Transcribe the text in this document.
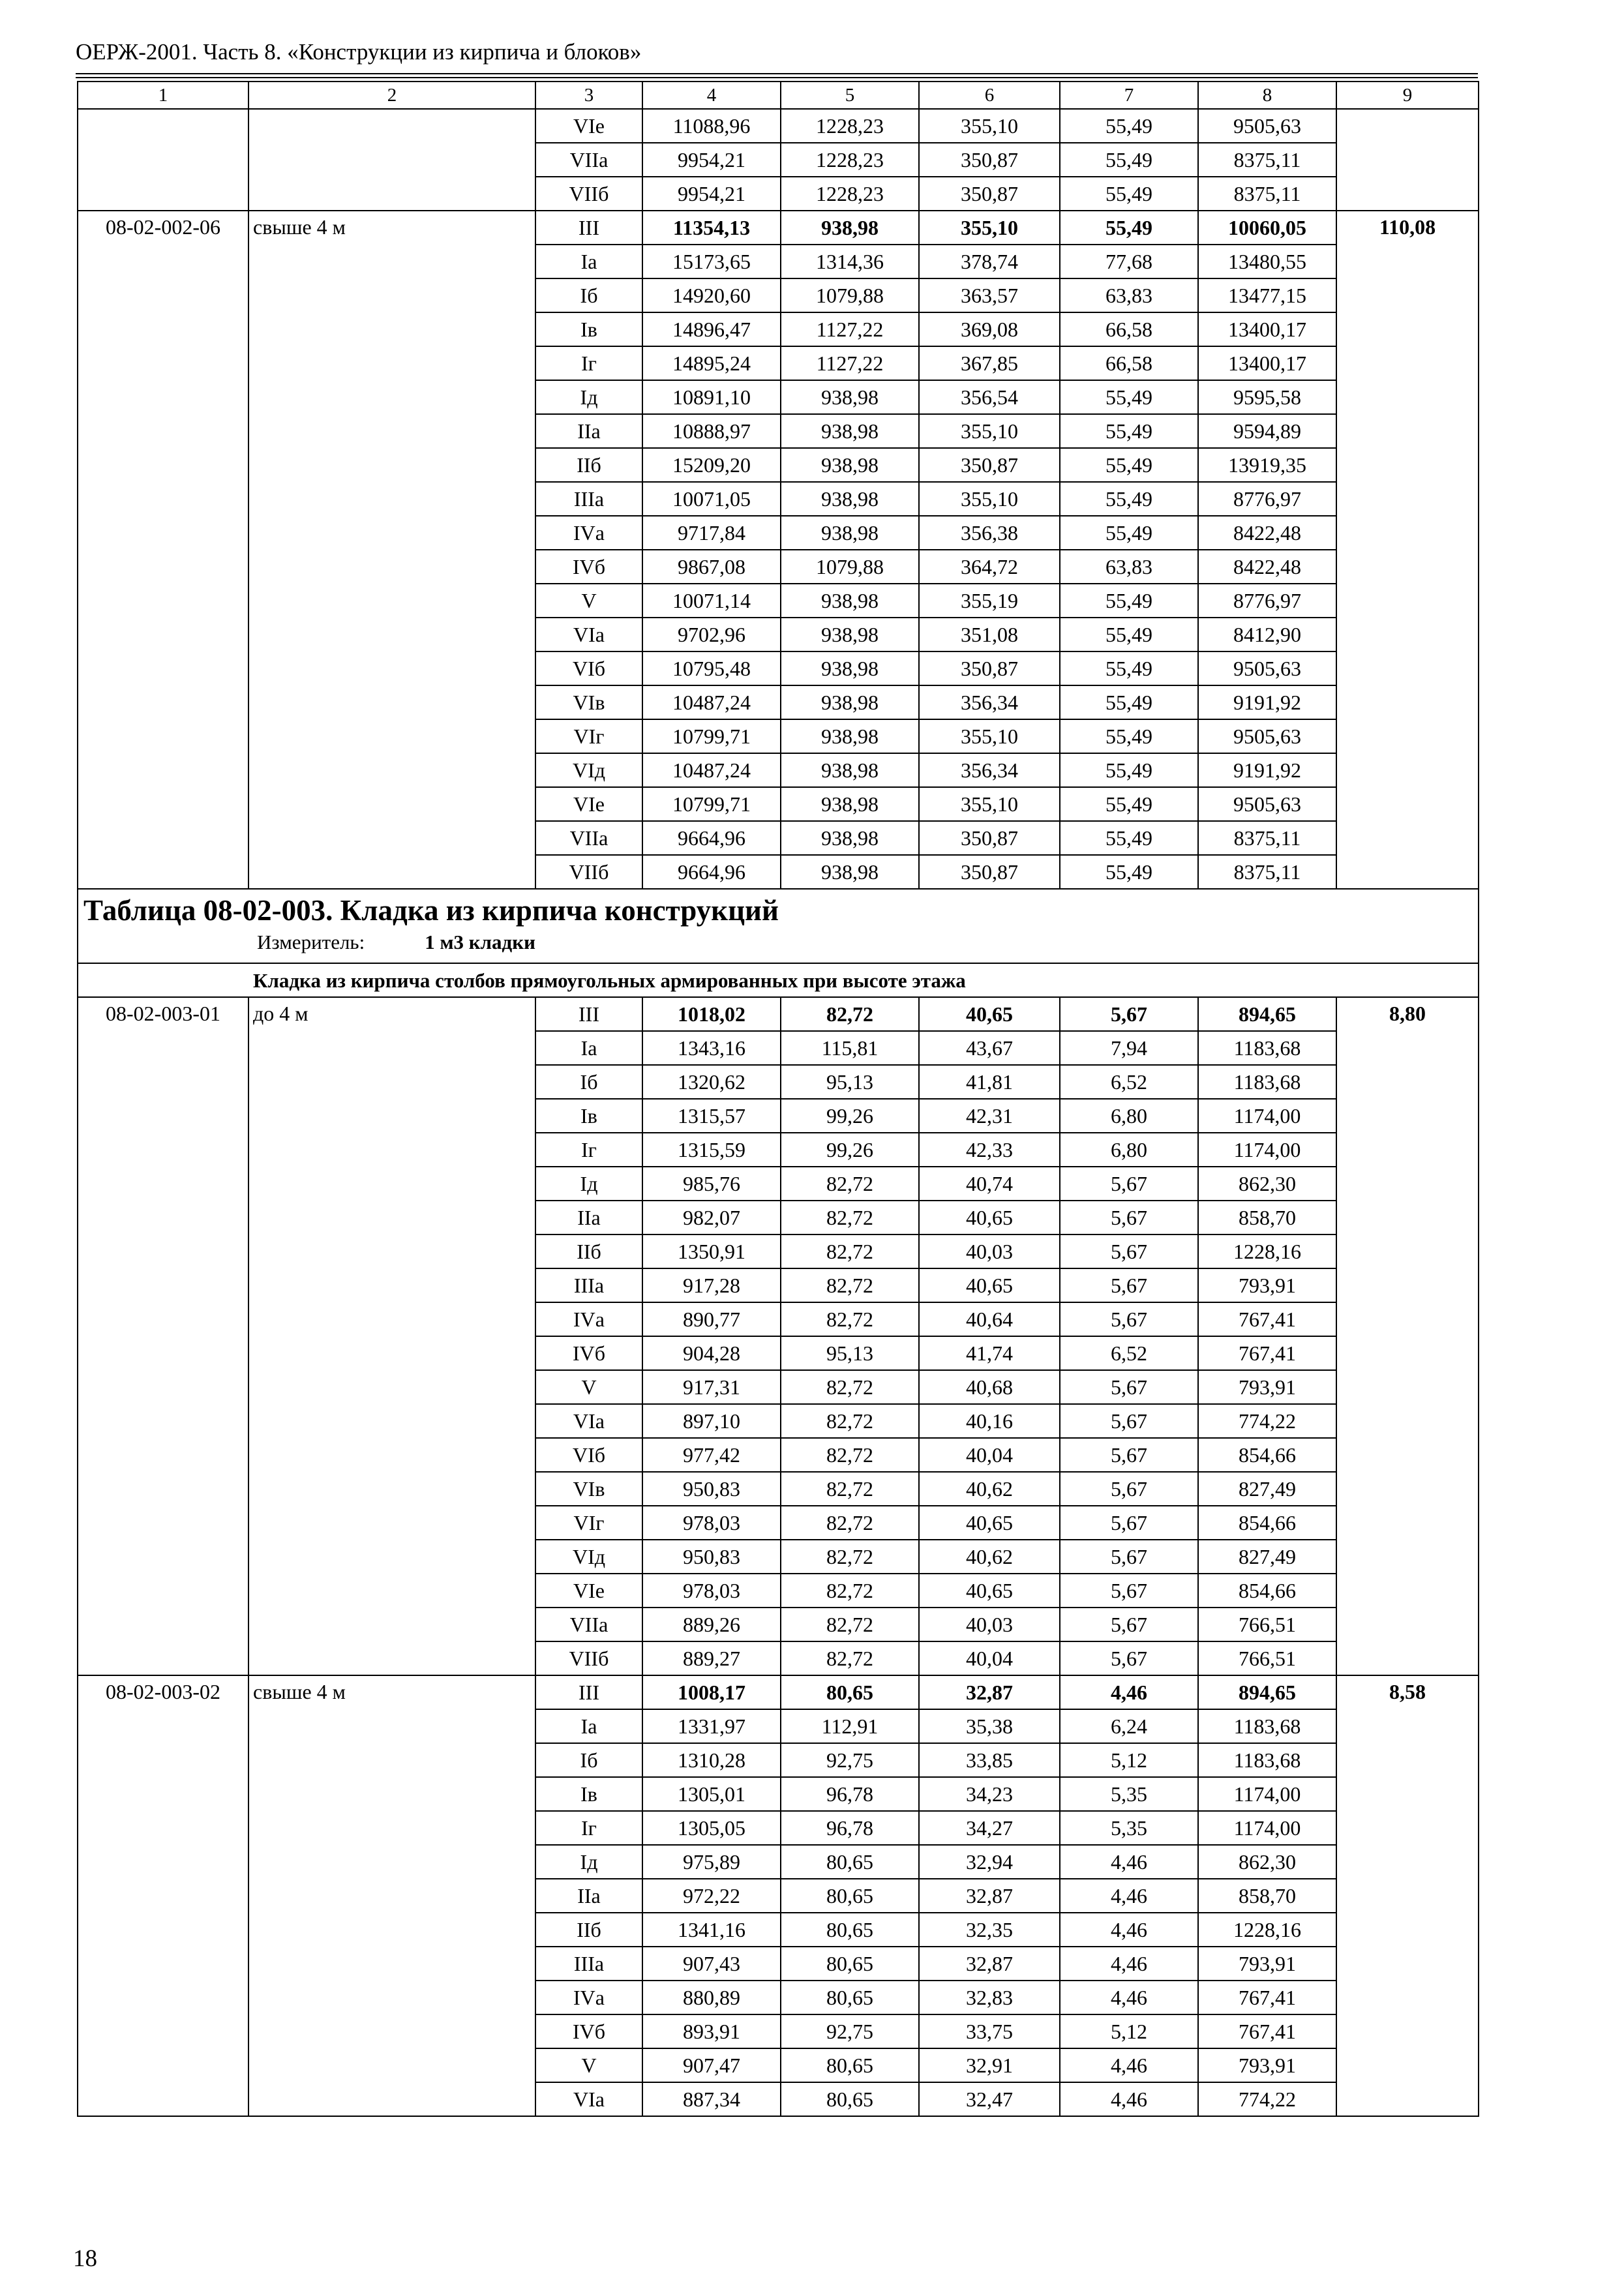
ОЕРЖ-2001. Часть 8. «Конструкции из кирпича и блоков»
1	2	3	4	5	6	7	8	9
		VIе	11088,96	1228,23	355,10	55,49	9505,63	
		VIIа	9954,21	1228,23	350,87	55,49	8375,11	
		VIIб	9954,21	1228,23	350,87	55,49	8375,11	
08-02-002-06	свыше 4 м	III	11354,13	938,98	355,10	55,49	10060,05	110,08
		Iа	15173,65	1314,36	378,74	77,68	13480,55	
		Iб	14920,60	1079,88	363,57	63,83	13477,15	
		Iв	14896,47	1127,22	369,08	66,58	13400,17	
		Iг	14895,24	1127,22	367,85	66,58	13400,17	
		Iд	10891,10	938,98	356,54	55,49	9595,58	
		IIа	10888,97	938,98	355,10	55,49	9594,89	
		IIб	15209,20	938,98	350,87	55,49	13919,35	
		IIIа	10071,05	938,98	355,10	55,49	8776,97	
		IVа	9717,84	938,98	356,38	55,49	8422,48	
		IVб	9867,08	1079,88	364,72	63,83	8422,48	
		V	10071,14	938,98	355,19	55,49	8776,97	
		VIа	9702,96	938,98	351,08	55,49	8412,90	
		VIб	10795,48	938,98	350,87	55,49	9505,63	
		VIв	10487,24	938,98	356,34	55,49	9191,92	
		VIг	10799,71	938,98	355,10	55,49	9505,63	
		VIд	10487,24	938,98	356,34	55,49	9191,92	
		VIе	10799,71	938,98	355,10	55,49	9505,63	
		VIIа	9664,96	938,98	350,87	55,49	8375,11	
		VIIб	9664,96	938,98	350,87	55,49	8375,11	

Таблица 08-02-003. Кладка из кирпича конструкций
Измеритель: 1 м3 кладки								

Кладка из кирпича столбов прямоугольных армированных при высоте этажа								
08-02-003-01	до 4 м	III	1018,02	82,72	40,65	5,67	894,65	8,80
		Iа	1343,16	115,81	43,67	7,94	1183,68	
		Iб	1320,62	95,13	41,81	6,52	1183,68	
		Iв	1315,57	99,26	42,31	6,80	1174,00	
		Iг	1315,59	99,26	42,33	6,80	1174,00	
		Iд	985,76	82,72	40,74	5,67	862,30	
		IIа	982,07	82,72	40,65	5,67	858,70	
		IIб	1350,91	82,72	40,03	5,67	1228,16	
		IIIа	917,28	82,72	40,65	5,67	793,91	
		IVа	890,77	82,72	40,64	5,67	767,41	
		IVб	904,28	95,13	41,74	6,52	767,41	
		V	917,31	82,72	40,68	5,67	793,91	
		VIа	897,10	82,72	40,16	5,67	774,22	
		VIб	977,42	82,72	40,04	5,67	854,66	
		VIв	950,83	82,72	40,62	5,67	827,49	
		VIг	978,03	82,72	40,65	5,67	854,66	
		VIд	950,83	82,72	40,62	5,67	827,49	
		VIе	978,03	82,72	40,65	5,67	854,66	
		VIIа	889,26	82,72	40,03	5,67	766,51	
		VIIб	889,27	82,72	40,04	5,67	766,51	
08-02-003-02	свыше 4 м	III	1008,17	80,65	32,87	4,46	894,65	8,58
		Iа	1331,97	112,91	35,38	6,24	1183,68	
		Iб	1310,28	92,75	33,85	5,12	1183,68	
		Iв	1305,01	96,78	34,23	5,35	1174,00	
		Iг	1305,05	96,78	34,27	5,35	1174,00	
		Iд	975,89	80,65	32,94	4,46	862,30	
		IIа	972,22	80,65	32,87	4,46	858,70	
		IIб	1341,16	80,65	32,35	4,46	1228,16	
		IIIа	907,43	80,65	32,87	4,46	793,91	
		IVа	880,89	80,65	32,83	4,46	767,41	
		IVб	893,91	92,75	33,75	5,12	767,41	
		V	907,47	80,65	32,91	4,46	793,91	
		VIа	887,34	80,65	32,47	4,46	774,22	
18
